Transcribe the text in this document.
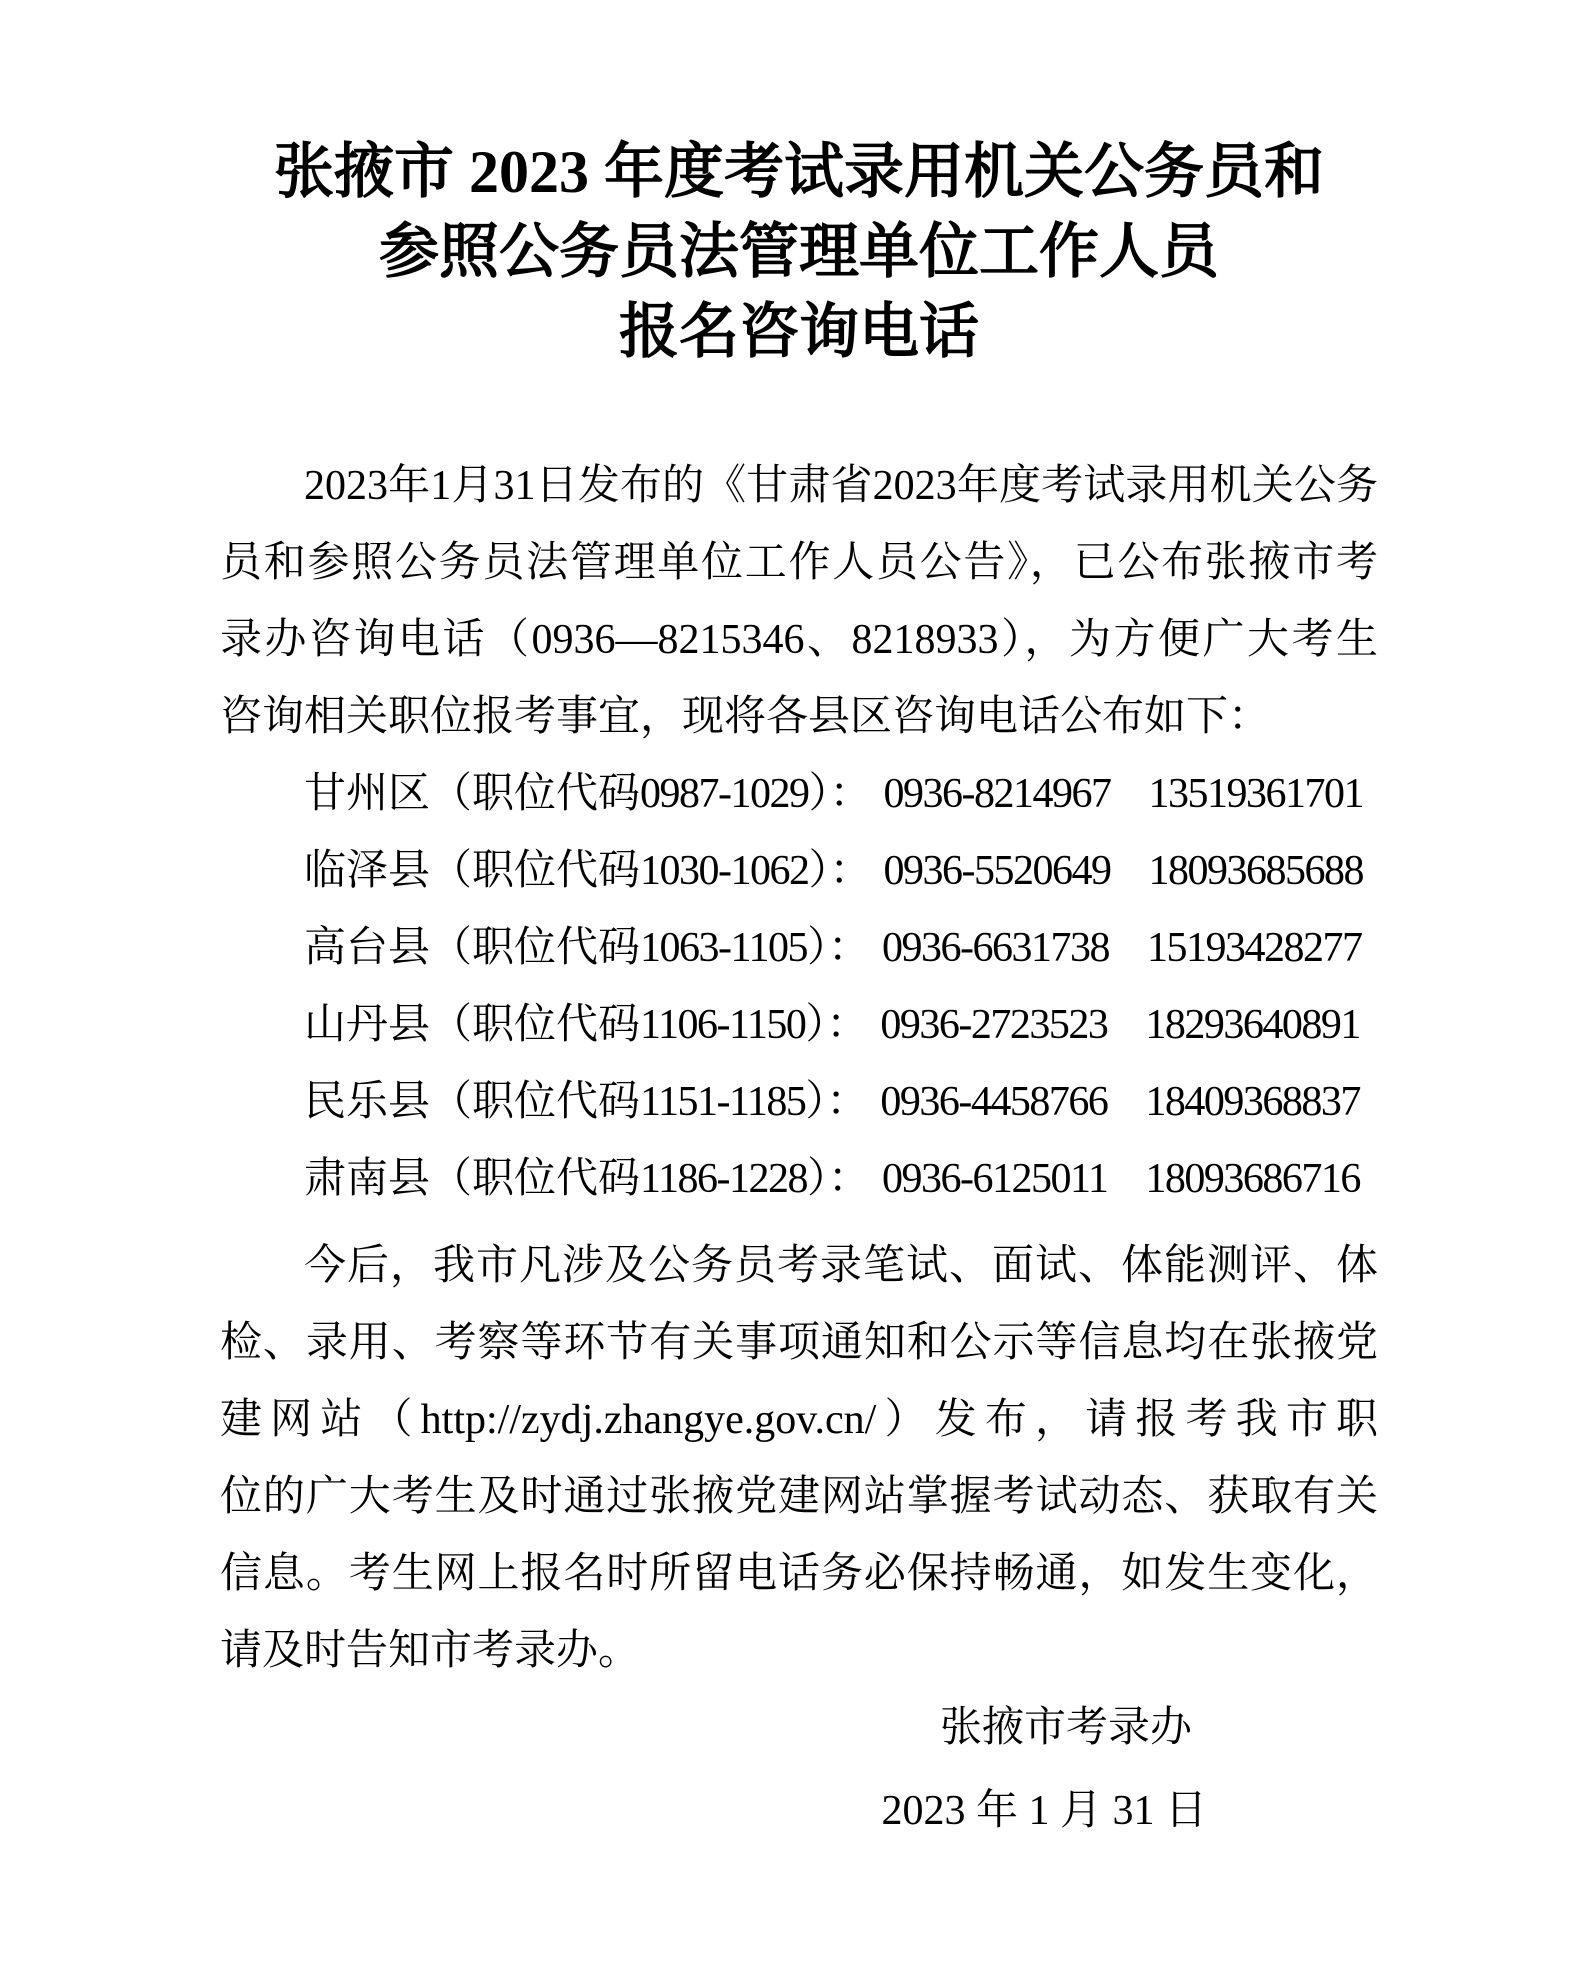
张掖市 2023 年度考试录用机关公务员和
参照公务员法管理单位工作人员
报名咨询电话
2023年1月31日发布的《甘肃省2023年度考试录用机关公务
员和参照公务员法管理单位工作人员公告》，已公布张掖市考
录办咨询电话（0936—8215346、8218933），为方便广大考生
咨询相关职位报考事宜，现将各县区咨询电话公布如下：
甘州区（职位代码0987-1029）： 0936-8214967 13519361701
临泽县（职位代码1030-1062）： 0936-5520649 18093685688
高台县（职位代码1063-1105）： 0936-6631738 15193428277
山丹县（职位代码1106-1150）： 0936-2723523 18293640891
民乐县（职位代码1151-1185）： 0936-4458766 18409368837
肃南县（职位代码1186-1228）： 0936-6125011 18093686716
今后，我市凡涉及公务员考录笔试、面试、体能测评、体
检、录用、考察等环节有关事项通知和公示等信息均在张掖党
建网站（http://zydj.zhangye.gov.cn/）发布，请报考我市职
位的广大考生及时通过张掖党建网站掌握考试动态、获取有关
信息。考生网上报名时所留电话务必保持畅通，如发生变化，
请及时告知市考录办。
张掖市考录办
2023 年 1 月 31 日
